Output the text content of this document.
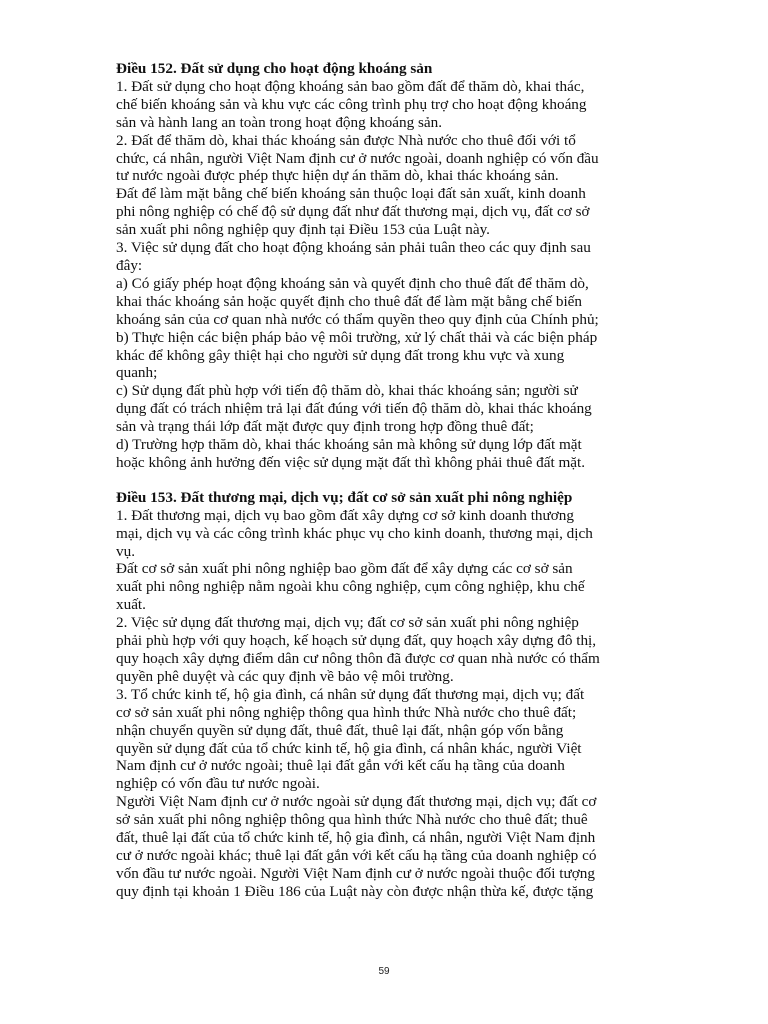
Điều 152. Đất sử dụng cho hoạt động khoáng sản

1. Đất sử dụng cho hoạt động khoáng sản bao gồm đất để thăm dò, khai thác,

chế biến khoáng sản và khu vực các công trình phụ trợ cho hoạt động khoáng

sản và hành lang an toàn trong hoạt động khoáng sản.

2. Đất để thăm dò, khai thác khoáng sản được Nhà nước cho thuê đối với tổ

chức, cá nhân, người Việt Nam định cư ở nước ngoài, doanh nghiệp có vốn đầu

tư nước ngoài được phép thực hiện dự án thăm dò, khai thác khoáng sản.

Đất để làm mặt bằng chế biến khoáng sản thuộc loại đất sản xuất, kinh doanh

phi nông nghiệp có chế độ sử dụng đất như đất thương mại, dịch vụ, đất cơ sở

sản xuất phi nông nghiệp quy định tại Điều 153 của Luật này.

3. Việc sử dụng đất cho hoạt động khoáng sản phải tuân theo các quy định sau

đây:

a) Có giấy phép hoạt động khoáng sản và quyết định cho thuê đất để thăm dò,

khai thác khoáng sản hoặc quyết định cho thuê đất để làm mặt bằng chế biến

khoáng sản của cơ quan nhà nước có thẩm quyền theo quy định của Chính phủ;

b) Thực hiện các biện pháp bảo vệ môi trường, xử lý chất thải và các biện pháp

khác để không gây thiệt hại cho người sử dụng đất trong khu vực và xung

quanh;

c) Sử dụng đất phù hợp với tiến độ thăm dò, khai thác khoáng sản; người sử

dụng đất có trách nhiệm trả lại đất đúng với tiến độ thăm dò, khai thác khoáng

sản và trạng thái lớp đất mặt được quy định trong hợp đồng thuê đất;

d) Trường hợp thăm dò, khai thác khoáng sản mà không sử dụng lớp đất mặt

hoặc không ảnh hưởng đến việc sử dụng mặt đất thì không phải thuê đất mặt.

Điều 153. Đất thương mại, dịch vụ; đất cơ sở sản xuất phi nông nghiệp

1. Đất thương mại, dịch vụ bao gồm đất xây dựng cơ sở kinh doanh thương

mại, dịch vụ và các công trình khác phục vụ cho kinh doanh, thương mại, dịch

vụ.

Đất cơ sở sản xuất phi nông nghiệp bao gồm đất để xây dựng các cơ sở sản

xuất phi nông nghiệp nằm ngoài khu công nghiệp, cụm công nghiệp, khu chế

xuất.

2. Việc sử dụng đất thương mại, dịch vụ; đất cơ sở sản xuất phi nông nghiệp

phải phù hợp với quy hoạch, kế hoạch sử dụng đất, quy hoạch xây dựng đô thị,

quy hoạch xây dựng điểm dân cư nông thôn đã được cơ quan nhà nước có thẩm

quyền phê duyệt và các quy định về bảo vệ môi trường.

3. Tổ chức kinh tế, hộ gia đình, cá nhân sử dụng đất thương mại, dịch vụ; đất

cơ sở sản xuất phi nông nghiệp thông qua hình thức Nhà nước cho thuê đất;

nhận chuyển quyền sử dụng đất, thuê đất, thuê lại đất, nhận góp vốn bằng

quyền sử dụng đất của tổ chức kinh tế, hộ gia đình, cá nhân khác, người Việt

Nam định cư ở nước ngoài; thuê lại đất gắn với kết cấu hạ tầng của doanh

nghiệp có vốn đầu tư nước ngoài.

Người Việt Nam định cư ở nước ngoài sử dụng đất thương mại, dịch vụ; đất cơ

sở sản xuất phi nông nghiệp thông qua hình thức Nhà nước cho thuê đất; thuê

đất, thuê lại đất của tổ chức kinh tế, hộ gia đình, cá nhân, người Việt Nam định

cư ở nước ngoài khác; thuê lại đất gắn với kết cấu hạ tầng của doanh nghiệp có

vốn đầu tư nước ngoài. Người Việt Nam định cư ở nước ngoài thuộc đối tượng

quy định tại khoản 1 Điều 186 của Luật này còn được nhận thừa kế, được tặng

59
